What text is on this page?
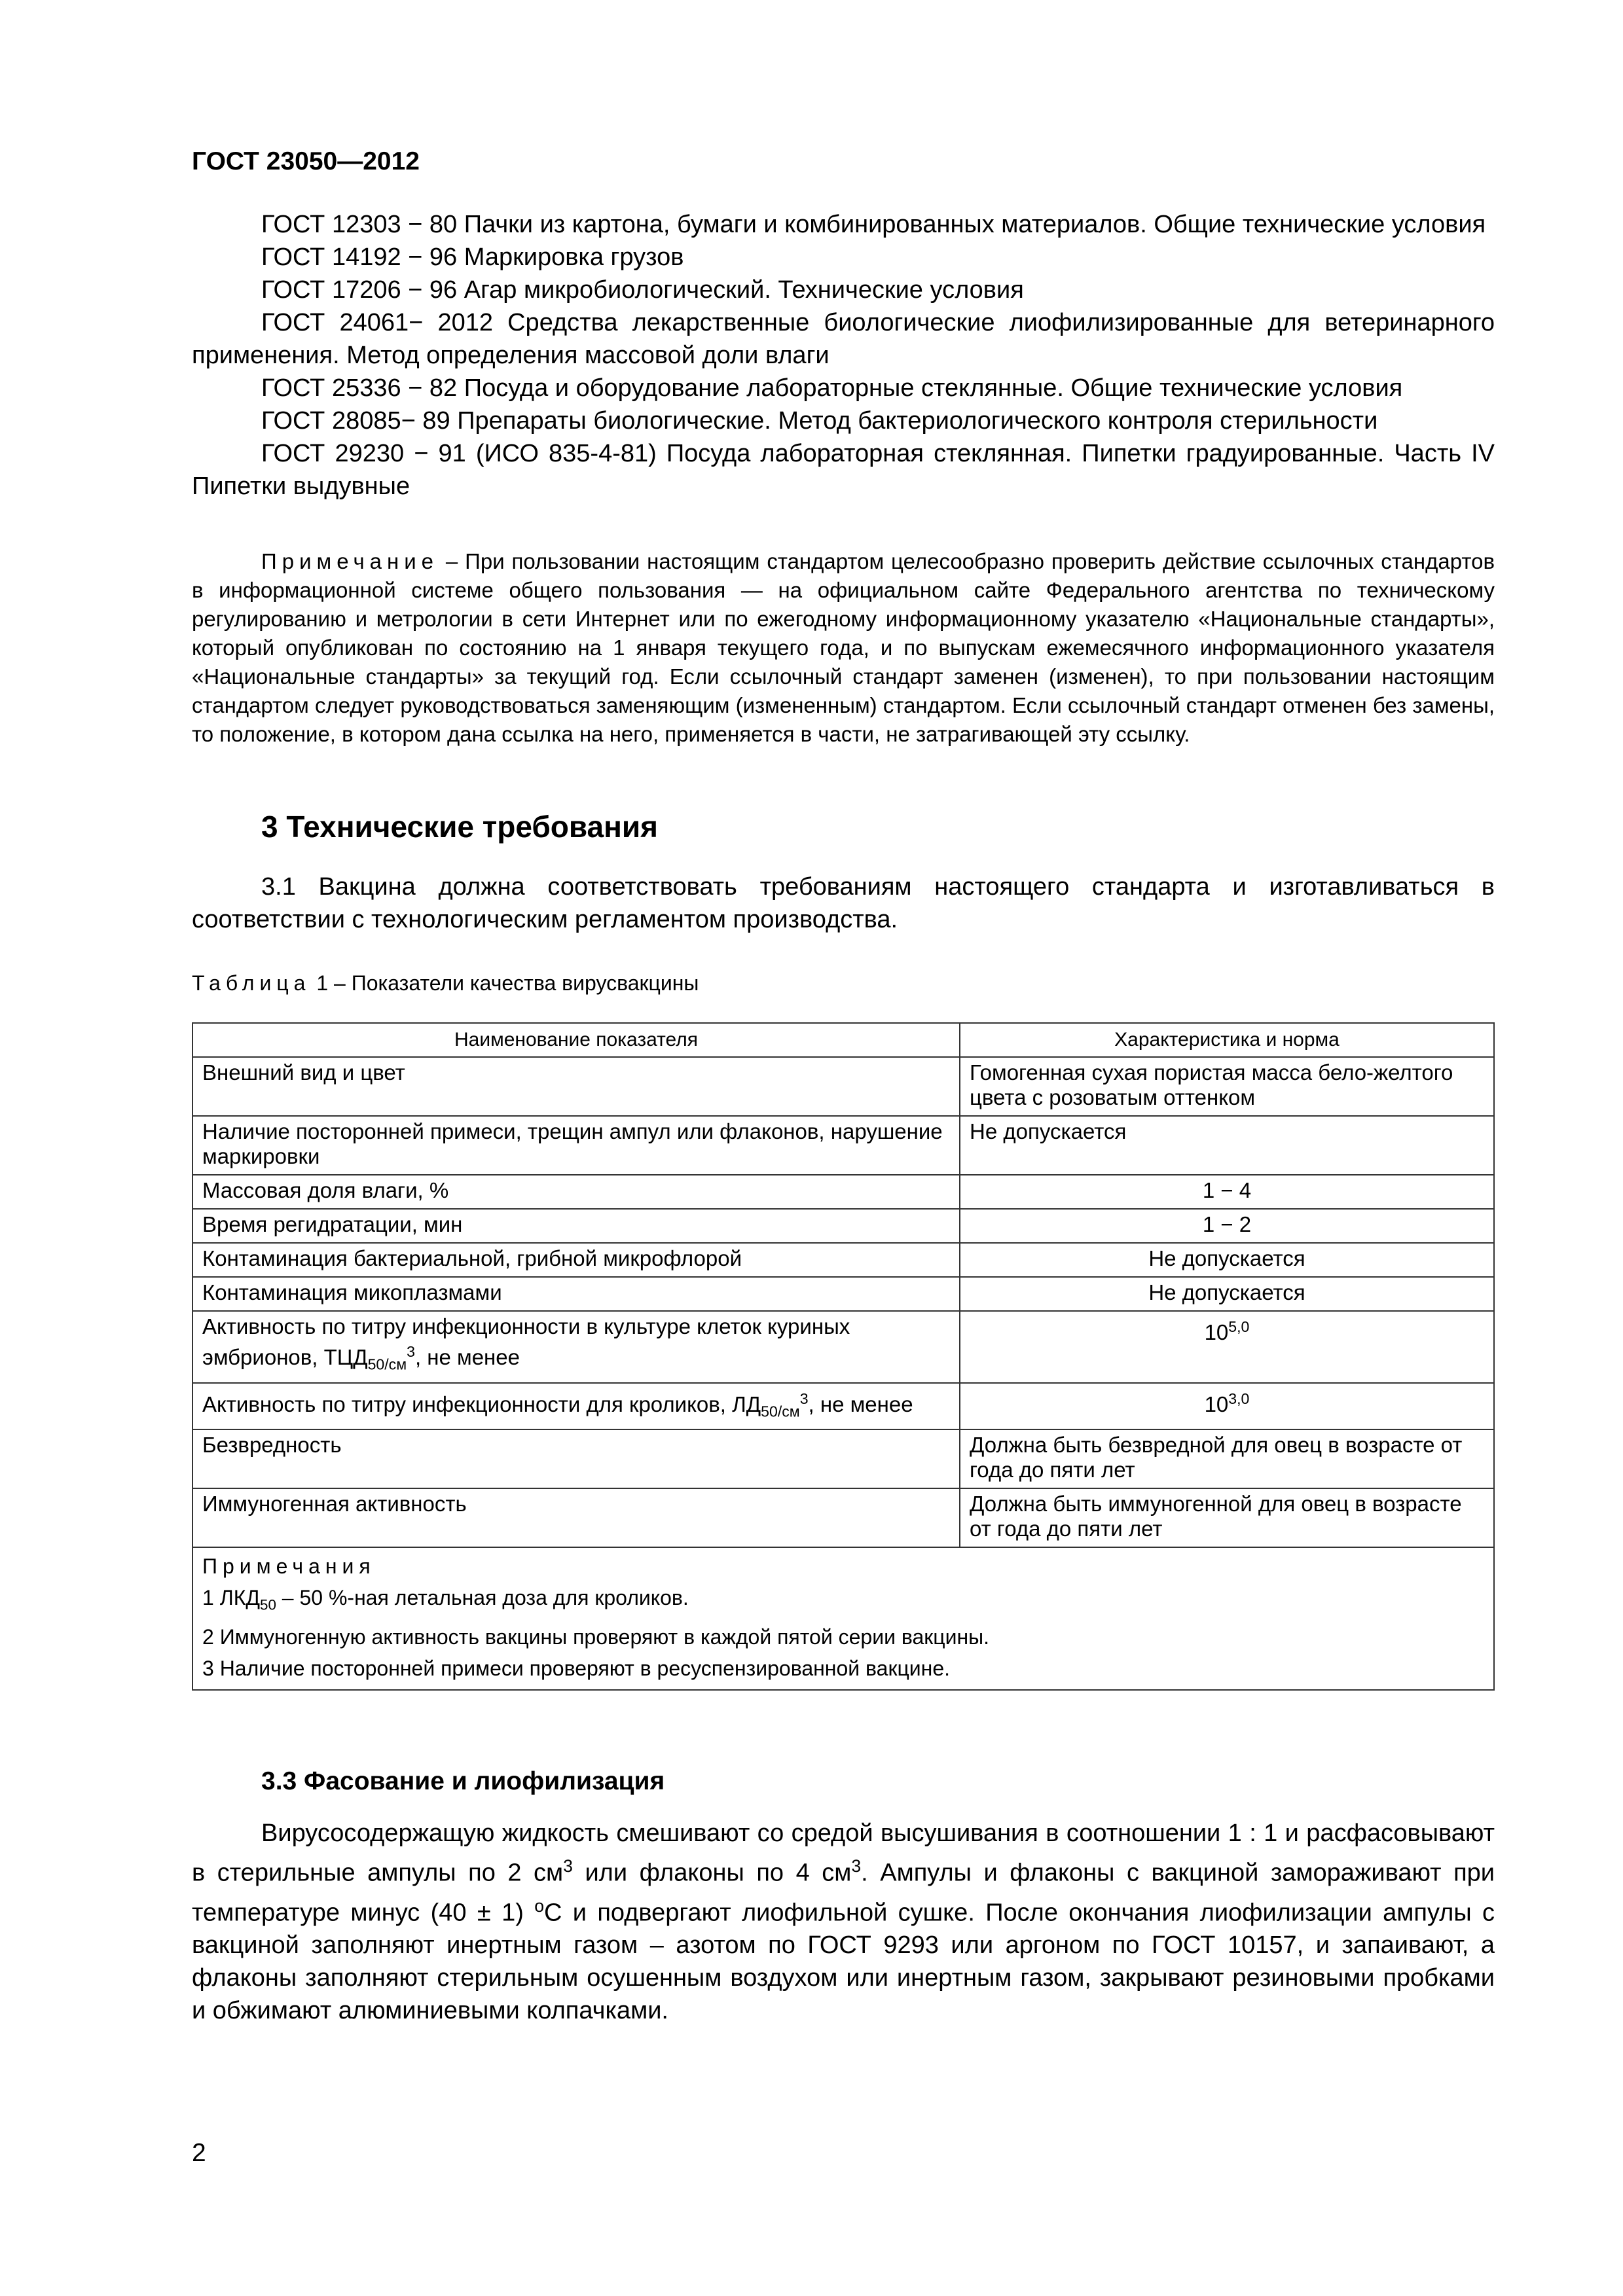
ГОСТ 23050—2012

ГОСТ 12303 − 80 Пачки из картона, бумаги и комбинированных материалов. Общие технические условия

ГОСТ 14192 − 96 Маркировка грузов

ГОСТ 17206 − 96 Агар микробиологический. Технические условия

ГОСТ 24061− 2012 Средства лекарственные биологические лиофилизированные для ветеринарного применения. Метод определения массовой доли влаги

ГОСТ 25336 − 82 Посуда и оборудование лабораторные стеклянные. Общие технические условия

ГОСТ 28085− 89 Препараты биологические. Метод бактериологического контроля стерильности

ГОСТ 29230 − 91 (ИСО 835-4-81) Посуда лабораторная стеклянная. Пипетки градуированные. Часть IV Пипетки выдувные

Примечание – При пользовании настоящим стандартом целесообразно проверить действие ссылочных стандартов в информационной системе общего пользования — на официальном сайте Федерального агентства по техническому регулированию и метрологии в сети Интернет или по ежегодному информационному указателю «Национальные стандарты», который опубликован по состоянию на 1 января текущего года, и по выпускам ежемесячного информационного указателя «Национальные стандарты» за текущий год. Если ссылочный стандарт заменен (изменен), то при пользовании настоящим стандартом следует руководствоваться заменяющим (измененным) стандартом. Если ссылочный стандарт отменен без замены, то положение, в котором дана ссылка на него, применяется в части, не затрагивающей эту ссылку.

3 Технические требования

3.1 Вакцина должна соответствовать требованиям настоящего стандарта и изготавливаться в соответствии с технологическим регламентом производства.

Таблица 1 – Показатели качества вирусвакцины
Наименование показателя	Характеристика и норма
Внешний вид и цвет	Гомогенная сухая пористая масса бело-желтого цвета с розоватым оттенком
Наличие посторонней примеси, трещин ампул или флаконов, нарушение маркировки	Не допускается
Массовая доля влаги, %	1 − 4
Время регидратации, мин	1 − 2
Контаминация бактериальной, грибной микрофлорой	Не допускается
Контаминация микоплазмами	Не допускается
Активность по титру инфекционности в культуре клеток куриных эмбрионов, $ТЦД_{50/см}^3$, не менее	10$^{5,0}$
Активность по титру инфекционности для кроликов, $ЛД_{50/см}^3$, не менее	10$^{3,0}$
Безвредность	Должна быть безвредной для овец в возрасте от года до пяти лет
Иммуногенная активность	Должна быть иммуногенной для овец в возрасте от года до пяти лет

Примечания
1 $ЛКД_{50} - 50$ %-ная летальная доза для кроликов.
2 Иммуногенную активность вакцины проверяют в каждой пятой серии вакцины.
3 Наличие посторонней примеси проверяют в ресуспензированной вакцине.	
3.3 Фасование и лиофилизация

Вирусосодержащую жидкость смешивают со средой высушивания в соотношении 1 : 1 и расфасовывают в стерильные ампулы по 2 $см^3$ или флаконы по 4 $см^3$. Ампулы и флаконы с вакциной замораживают при температуре минус (40 ± 1) $^о$С и подвергают лиофильной сушке. После окончания лиофилизации ампулы с вакциной заполняют инертным газом – азотом по ГОСТ 9293 или аргоном по ГОСТ 10157, и запаивают, а флаконы заполняют стерильным осушенным воздухом или инертным газом, закрывают резиновыми пробками и обжимают алюминиевыми колпачками.

2
